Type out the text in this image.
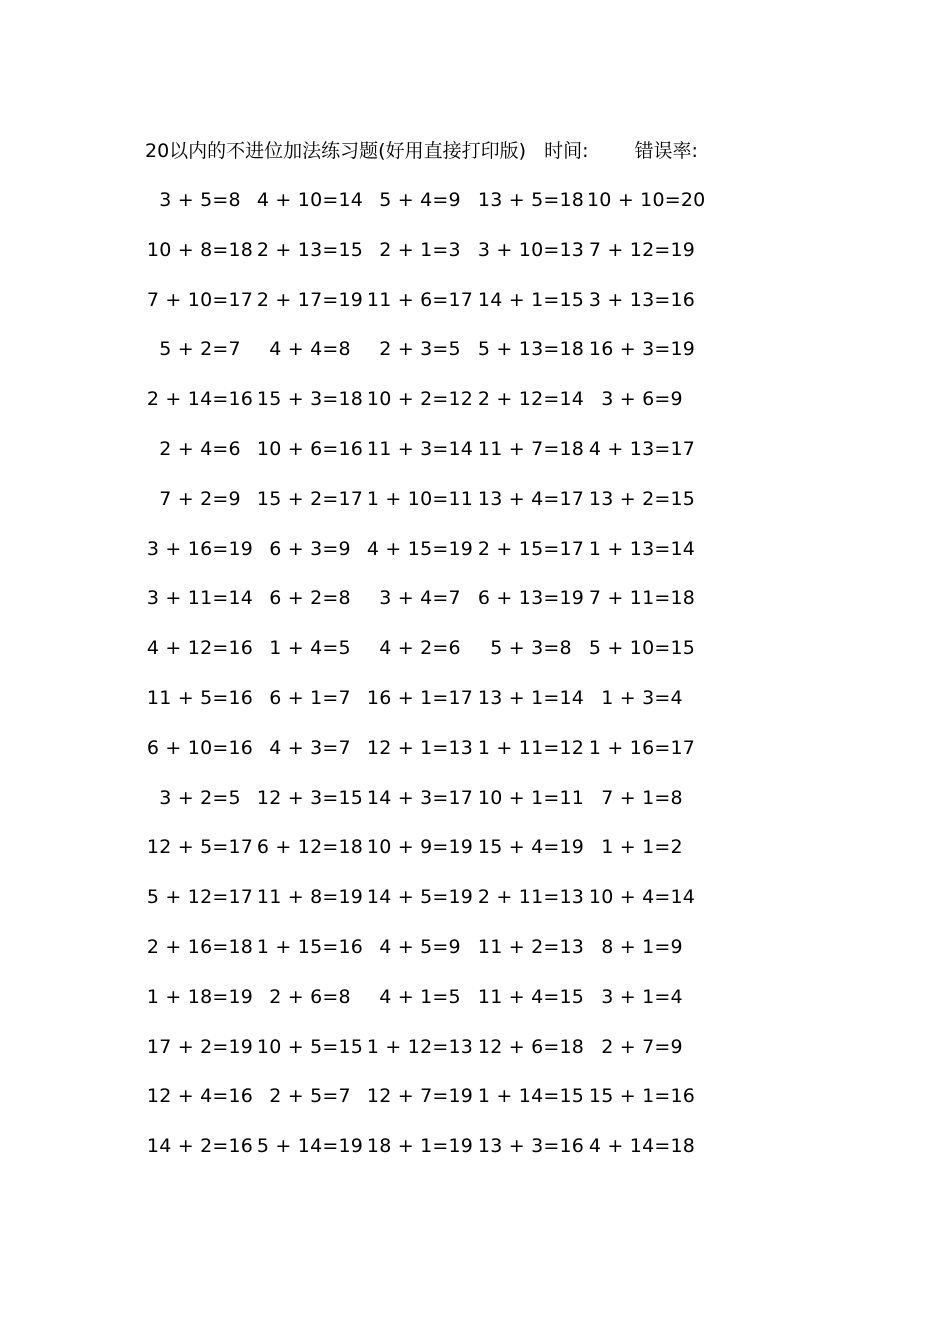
20以内的不进位加法练习题(好用直接打印版) 时间: 错误率:
3 + 5=8 4 + 10=14 5 + 4=9 13 + 5=18 10 + 10=20
10 + 8=18 2 + 13=15 2 + 1=3 3 + 10=13 7 + 12=19
7 + 10=17 2 + 17=19 11 + 6=17 14 + 1=15 3 + 13=16
5 + 2=7	4 + 4=8	2 + 3=5 5 + 13=18 16 + 3=19
2 + 14=16 15 + 3=18 10 + 2=12 2 + 12=14 3 + 6=9
2 + 4=6 10 + 6=16 11 + 3=14 11 + 7=18 4 + 13=17
7 + 2=9 15 + 2=17 1 + 10=11 13 + 4=17 13 + 2=15
3 + 16=19 6 + 3=9 4 + 15=19 2 + 15=17 1 + 13=14
3 + 11=14 6 + 2=8	3 + 4=7 6 + 13=19 7 + 11=18
4 + 12=16 1 + 4=5	4 + 2=6	5 + 3=8 5 + 10=15
11 + 5=16 6 + 1=7 16 + 1=17 13 + 1=14 1 + 3=4
6 + 10=16 4 + 3=7 12 + 1=13 1 + 11=12 1 + 16=17
3 + 2=5 12 + 3=15 14 + 3=17 10 + 1=11 7 + 1=8
12 + 5=17 6 + 12=18 10 + 9=19 15 + 4=19 1 + 1=2
5 + 12=17 11 + 8=19 14 + 5=19 2 + 11=13 10 + 4=14
2 + 16=18 1 + 15=16 4 + 5=9 11 + 2=13 8 + 1=9
1 + 18=19 2 + 6=8	4 + 1=5 11 + 4=15 3 + 1=4
17 + 2=19 10 + 5=15 1 + 12=13 12 + 6=18 2 + 7=9
12 + 4=16 2 + 5=7 12 + 7=19 1 + 14=15 15 + 1=16
14 + 2=16 5 + 14=19 18 + 1=19 13 + 3=16 4 + 14=18
